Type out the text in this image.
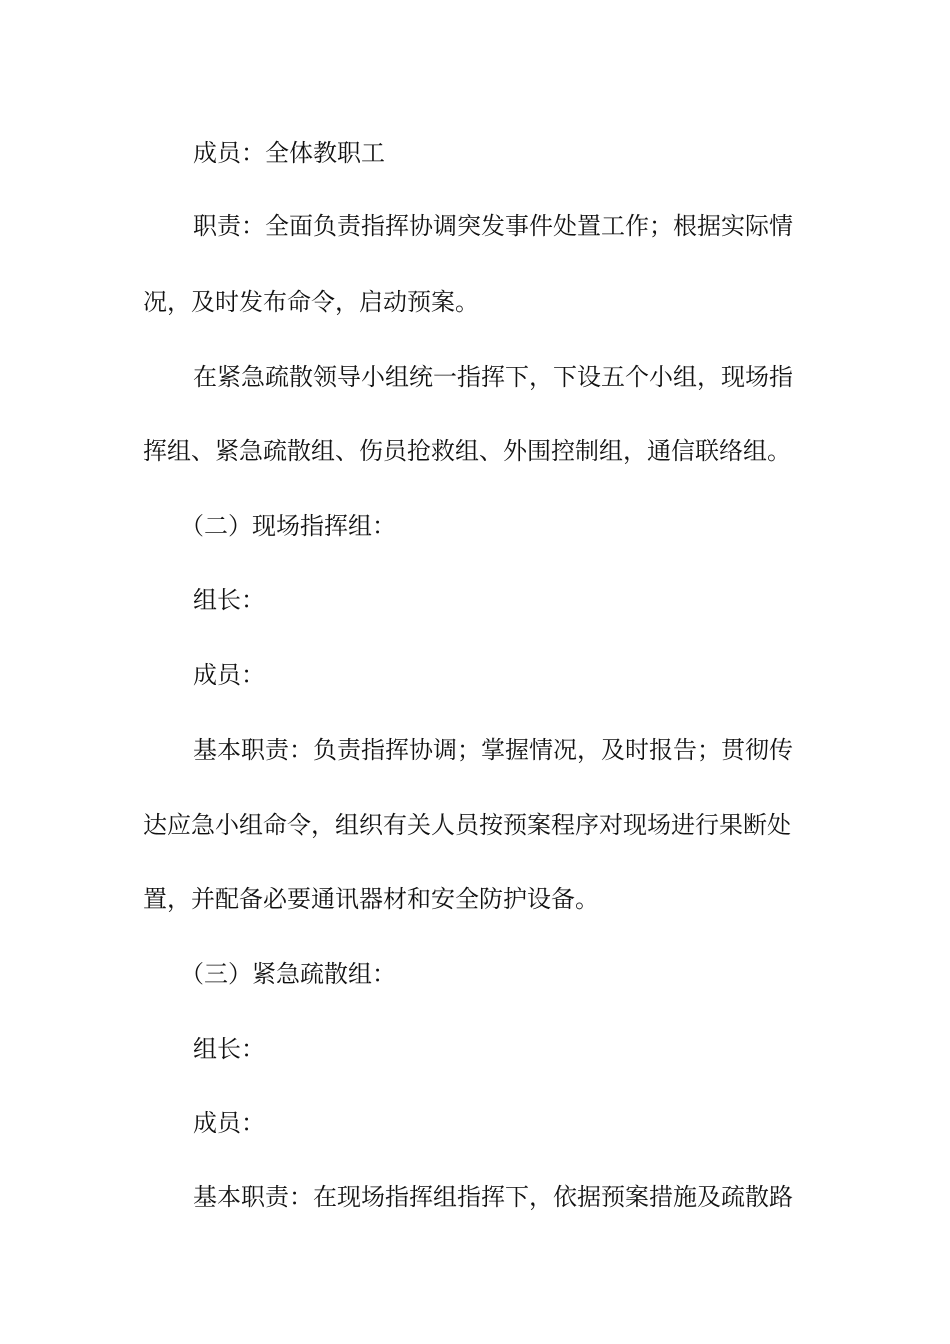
成员：全体教职工
职责：全面负责指挥协调突发事件处置工作；根据实际情
况，及时发布命令，启动预案。
在紧急疏散领导小组统一指挥下，下设五个小组，现场指
挥组、紧急疏散组、伤员抢救组、外围控制组，通信联络组。
（二）现场指挥组：
组长：
成员：
基本职责：负责指挥协调；掌握情况，及时报告；贯彻传
达应急小组命令，组织有关人员按预案程序对现场进行果断处
置，并配备必要通讯器材和安全防护设备。
（三）紧急疏散组：
组长：
成员：
基本职责：在现场指挥组指挥下，依据预案措施及疏散路
